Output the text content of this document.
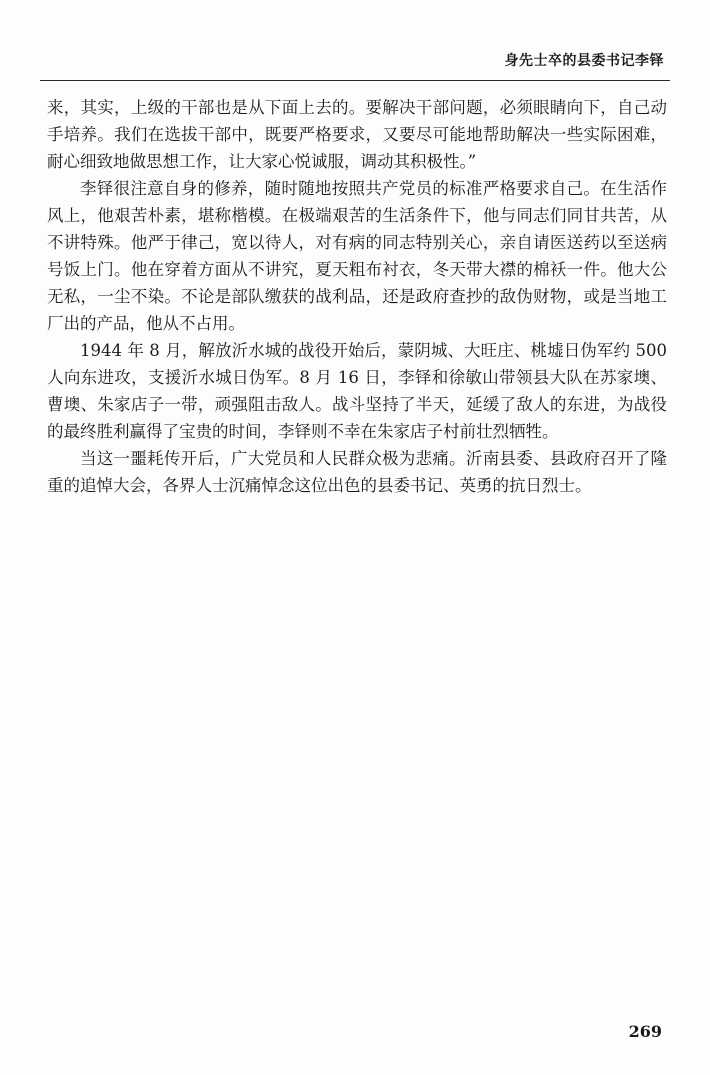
身先士卒的县委书记李铎

来，其实，上级的干部也是从下面上去的。要解决干部问题，必须眼睛向下，自己动手培养。我们在选拔干部中，既要严格要求，又要尽可能地帮助解决一些实际困难，耐心细致地做思想工作，让大家心悦诚服，调动其积极性。”

李铎很注意自身的修养，随时随地按照共产党员的标准严格要求自己。在生活作风上，他艰苦朴素，堪称楷模。在极端艰苦的生活条件下，他与同志们同甘共苦，从不讲特殊。他严于律己，宽以待人，对有病的同志特别关心，亲自请医送药以至送病号饭上门。他在穿着方面从不讲究，夏天粗布衬衣，冬天带大襟的棉袄一件。他大公无私，一尘不染。不论是部队缴获的战利品，还是政府查抄的敌伪财物，或是当地工厂出的产品，他从不占用。

1944 年 8 月，解放沂水城的战役开始后，蒙阴城、大旺庄、桃墟日伪军约 500 人向东进攻，支援沂水城日伪军。8 月 16 日，李铎和徐敏山带领县大队在苏家墺、曹墺、朱家店子一带，顽强阻击敌人。战斗坚持了半天，延缓了敌人的东进，为战役的最终胜利赢得了宝贵的时间，李铎则不幸在朱家店子村前壮烈牺牲。

当这一噩耗传开后，广大党员和人民群众极为悲痛。沂南县委、县政府召开了隆重的追悼大会，各界人士沉痛悼念这位出色的县委书记、英勇的抗日烈士。

269
